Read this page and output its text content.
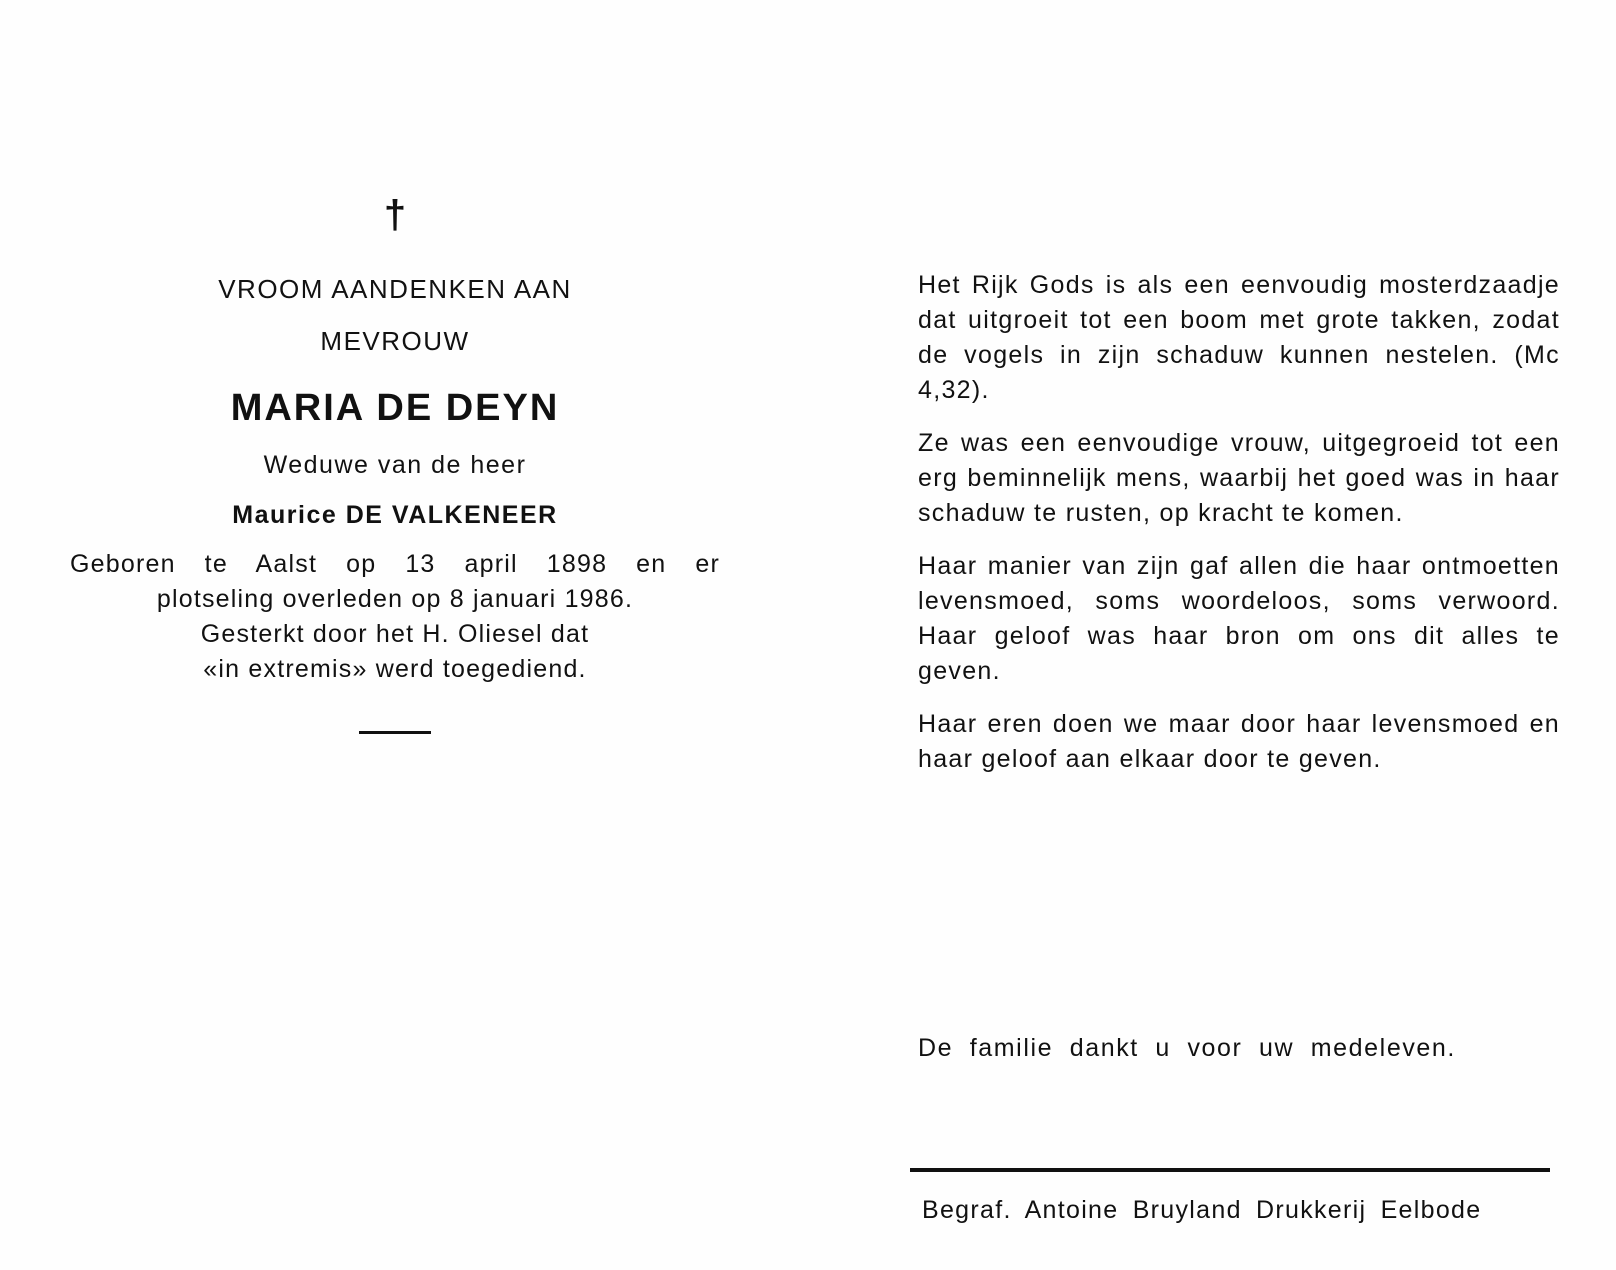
†
VROOM AANDENKEN AAN
MEVROUW
MARIA DE DEYN
Weduwe van de heer
Maurice DE VALKENEER
Geboren te Aalst op 13 april 1898 en er
plotseling overleden op 8 januari 1986.
Gesterkt door het H. Oliesel dat
«in extremis» werd toegediend.

Het Rijk Gods is als een eenvoudig mosterdzaadje dat uitgroeit tot een boom met grote takken, zodat de vogels in zijn schaduw kunnen nestelen. (Mc 4,32).

Ze was een eenvoudige vrouw, uitgegroeid tot een erg beminnelijk mens, waarbij het goed was in haar schaduw te rusten, op kracht te komen.

Haar manier van zijn gaf allen die haar ontmoetten levensmoed, soms woordeloos, soms verwoord. Haar geloof was haar bron om ons dit alles te geven.

Haar eren doen we maar door haar levensmoed en haar geloof aan elkaar door te geven.

De familie dankt u voor uw medeleven.
Begraf. Antoine Bruyland Drukkerij Eelbode
